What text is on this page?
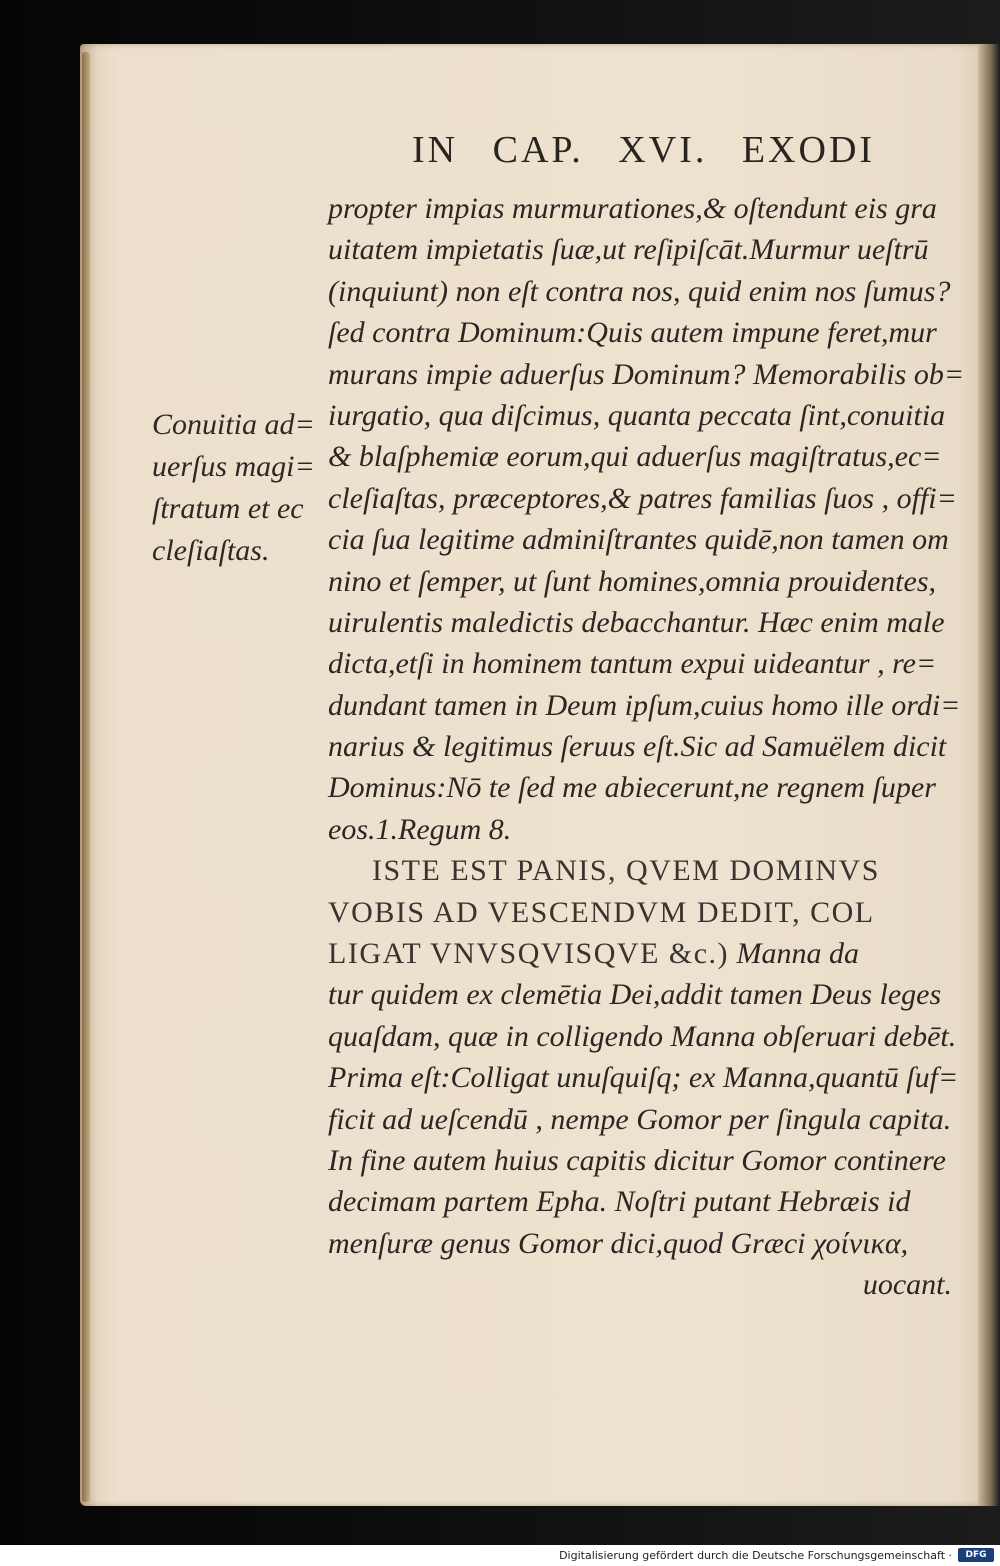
IN CAP. XVI. EXODI
Conuitia ad=
uerſus magi=
ſtratum et ec
cleſiaſtas.
propter impias murmurationes,& oſtendunt eis gra
uitatem impietatis ſuæ,ut reſipiſcāt.Murmur ueſtrū
(inquiunt) non eſt contra nos, quid enim nos ſumus?
ſed contra Dominum:Quis autem impune feret,mur
murans impie aduerſus Dominum? Memorabilis ob=
iurgatio, qua diſcimus, quanta peccata ſint,conuitia
& blaſphemiæ eorum,qui aduerſus magiſtratus,ec=
cleſiaſtas, præceptores,& patres familias ſuos , offi=
cia ſua legitime adminiſtrantes quidē,non tamen om
nino et ſemper, ut ſunt homines,omnia prouidentes,
uirulentis maledictis debacchantur. Hæc enim male
dicta,etſi in hominem tantum expui uideantur , re=
dundant tamen in Deum ipſum,cuius homo ille ordi=
narius & legitimus ſeruus eſt.Sic ad Samuëlem dicit
Dominus:Nō te ſed me abiecerunt,ne regnem ſuper
eos.1.Regum 8.
ISTE EST PANIS, QVEM DOMINVS
VOBIS AD VESCENDVM DEDIT, COL
LIGAT VNVSQVISQVE &c.) Manna da
tur quidem ex clemētia Dei,addit tamen Deus leges
quaſdam, quæ in colligendo Manna obſeruari debēt.
Prima eſt:Colligat unuſquiſq; ex Manna,quantū ſuf=
ficit ad ueſcendū , nempe Gomor per ſingula capita.
In fine autem huius capitis dicitur Gomor continere
decimam partem Epha. Noſtri putant Hebræis id
menſuræ genus Gomor dici,quod Græci χοίνικα,
uocant.
Digitalisierung gefördert durch die Deutsche Forschungsgemeinschaft ·	DFG
